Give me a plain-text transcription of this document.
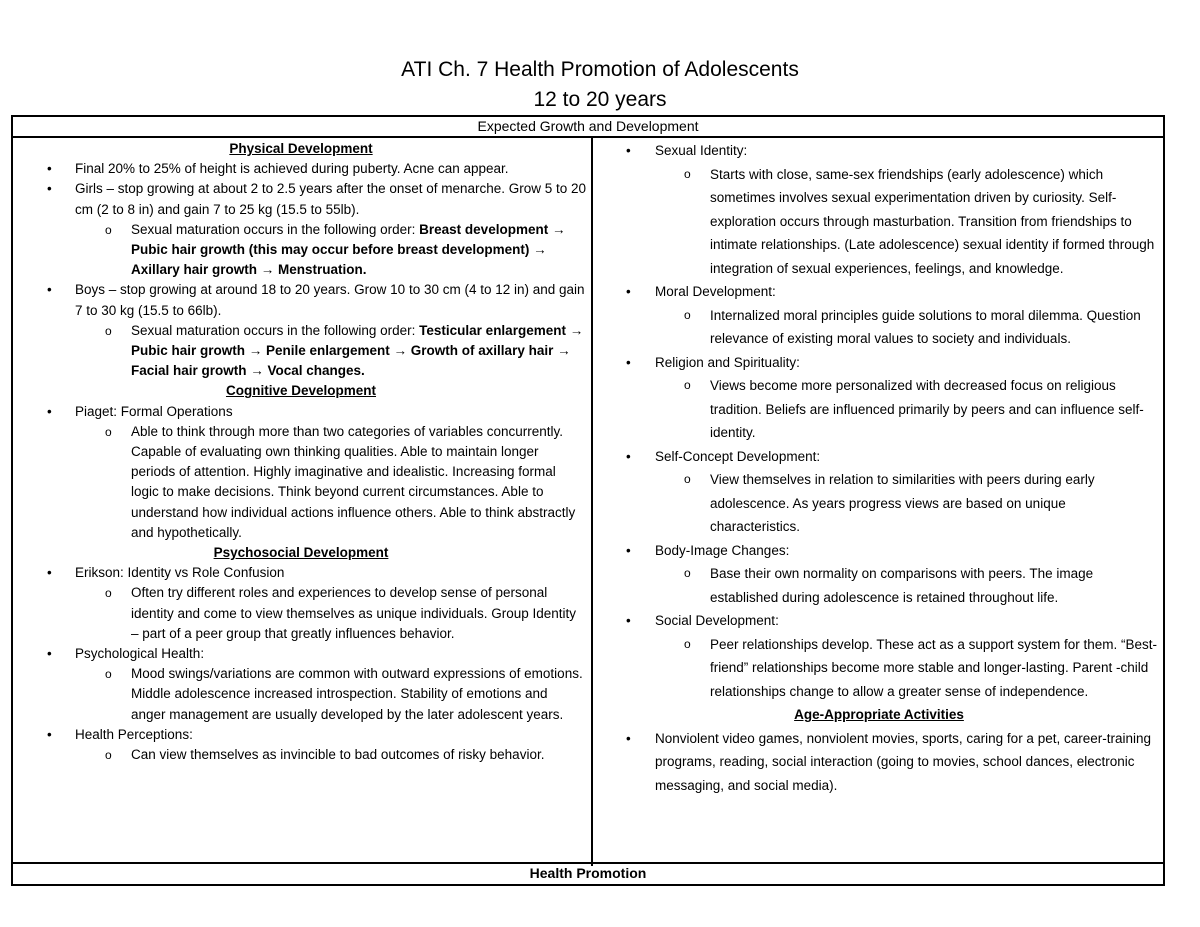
ATI Ch. 7 Health Promotion of Adolescents
12 to 20 years
Expected Growth and Development
Physical Development
• Final 20% to 25% of height is achieved during puberty. Acne can appear.
• Girls – stop growing at about 2 to 2.5 years after the onset of menarche. Grow 5 to 20 cm (2 to 8 in) and gain 7 to 25 kg (15.5 to 55lb).
o Sexual maturation occurs in the following order: Breast development → Pubic hair growth (this may occur before breast development) → Axillary hair growth → Menstruation.
• Boys – stop growing at around 18 to 20 years. Grow 10 to 30 cm (4 to 12 in) and gain 7 to 30 kg (15.5 to 66lb).
o Sexual maturation occurs in the following order: Testicular enlargement → Pubic hair growth → Penile enlargement → Growth of axillary hair → Facial hair growth → Vocal changes.
Cognitive Development
• Piaget: Formal Operations
o Able to think through more than two categories of variables concurrently. Capable of evaluating own thinking qualities. Able to maintain longer periods of attention. Highly imaginative and idealistic. Increasing formal logic to make decisions. Think beyond current circumstances. Able to understand how individual actions influence others. Able to think abstractly and hypothetically.
Psychosocial Development
• Erikson: Identity vs Role Confusion
o Often try different roles and experiences to develop sense of personal identity and come to view themselves as unique individuals. Group Identity – part of a peer group that greatly influences behavior.
• Psychological Health:
o Mood swings/variations are common with outward expressions of emotions. Middle adolescence increased introspection. Stability of emotions and anger management are usually developed by the later adolescent years.
• Health Perceptions:
o Can view themselves as invincible to bad outcomes of risky behavior.
• Sexual Identity:
o Starts with close, same-sex friendships (early adolescence) which sometimes involves sexual experimentation driven by curiosity. Self-exploration occurs through masturbation. Transition from friendships to intimate relationships. (Late adolescence) sexual identity if formed through integration of sexual experiences, feelings, and knowledge.
• Moral Development:
o Internalized moral principles guide solutions to moral dilemma. Question relevance of existing moral values to society and individuals.
• Religion and Spirituality:
o Views become more personalized with decreased focus on religious tradition. Beliefs are influenced primarily by peers and can influence self-identity.
• Self-Concept Development:
o View themselves in relation to similarities with peers during early adolescence. As years progress views are based on unique characteristics.
• Body-Image Changes:
o Base their own normality on comparisons with peers. The image established during adolescence is retained throughout life.
• Social Development:
o Peer relationships develop. These act as a support system for them. “Best-friend” relationships become more stable and longer-lasting. Parent -child relationships change to allow a greater sense of independence.
Age-Appropriate Activities
• Nonviolent video games, nonviolent movies, sports, caring for a pet, career-training programs, reading, social interaction (going to movies, school dances, electronic messaging, and social media).
Health Promotion
